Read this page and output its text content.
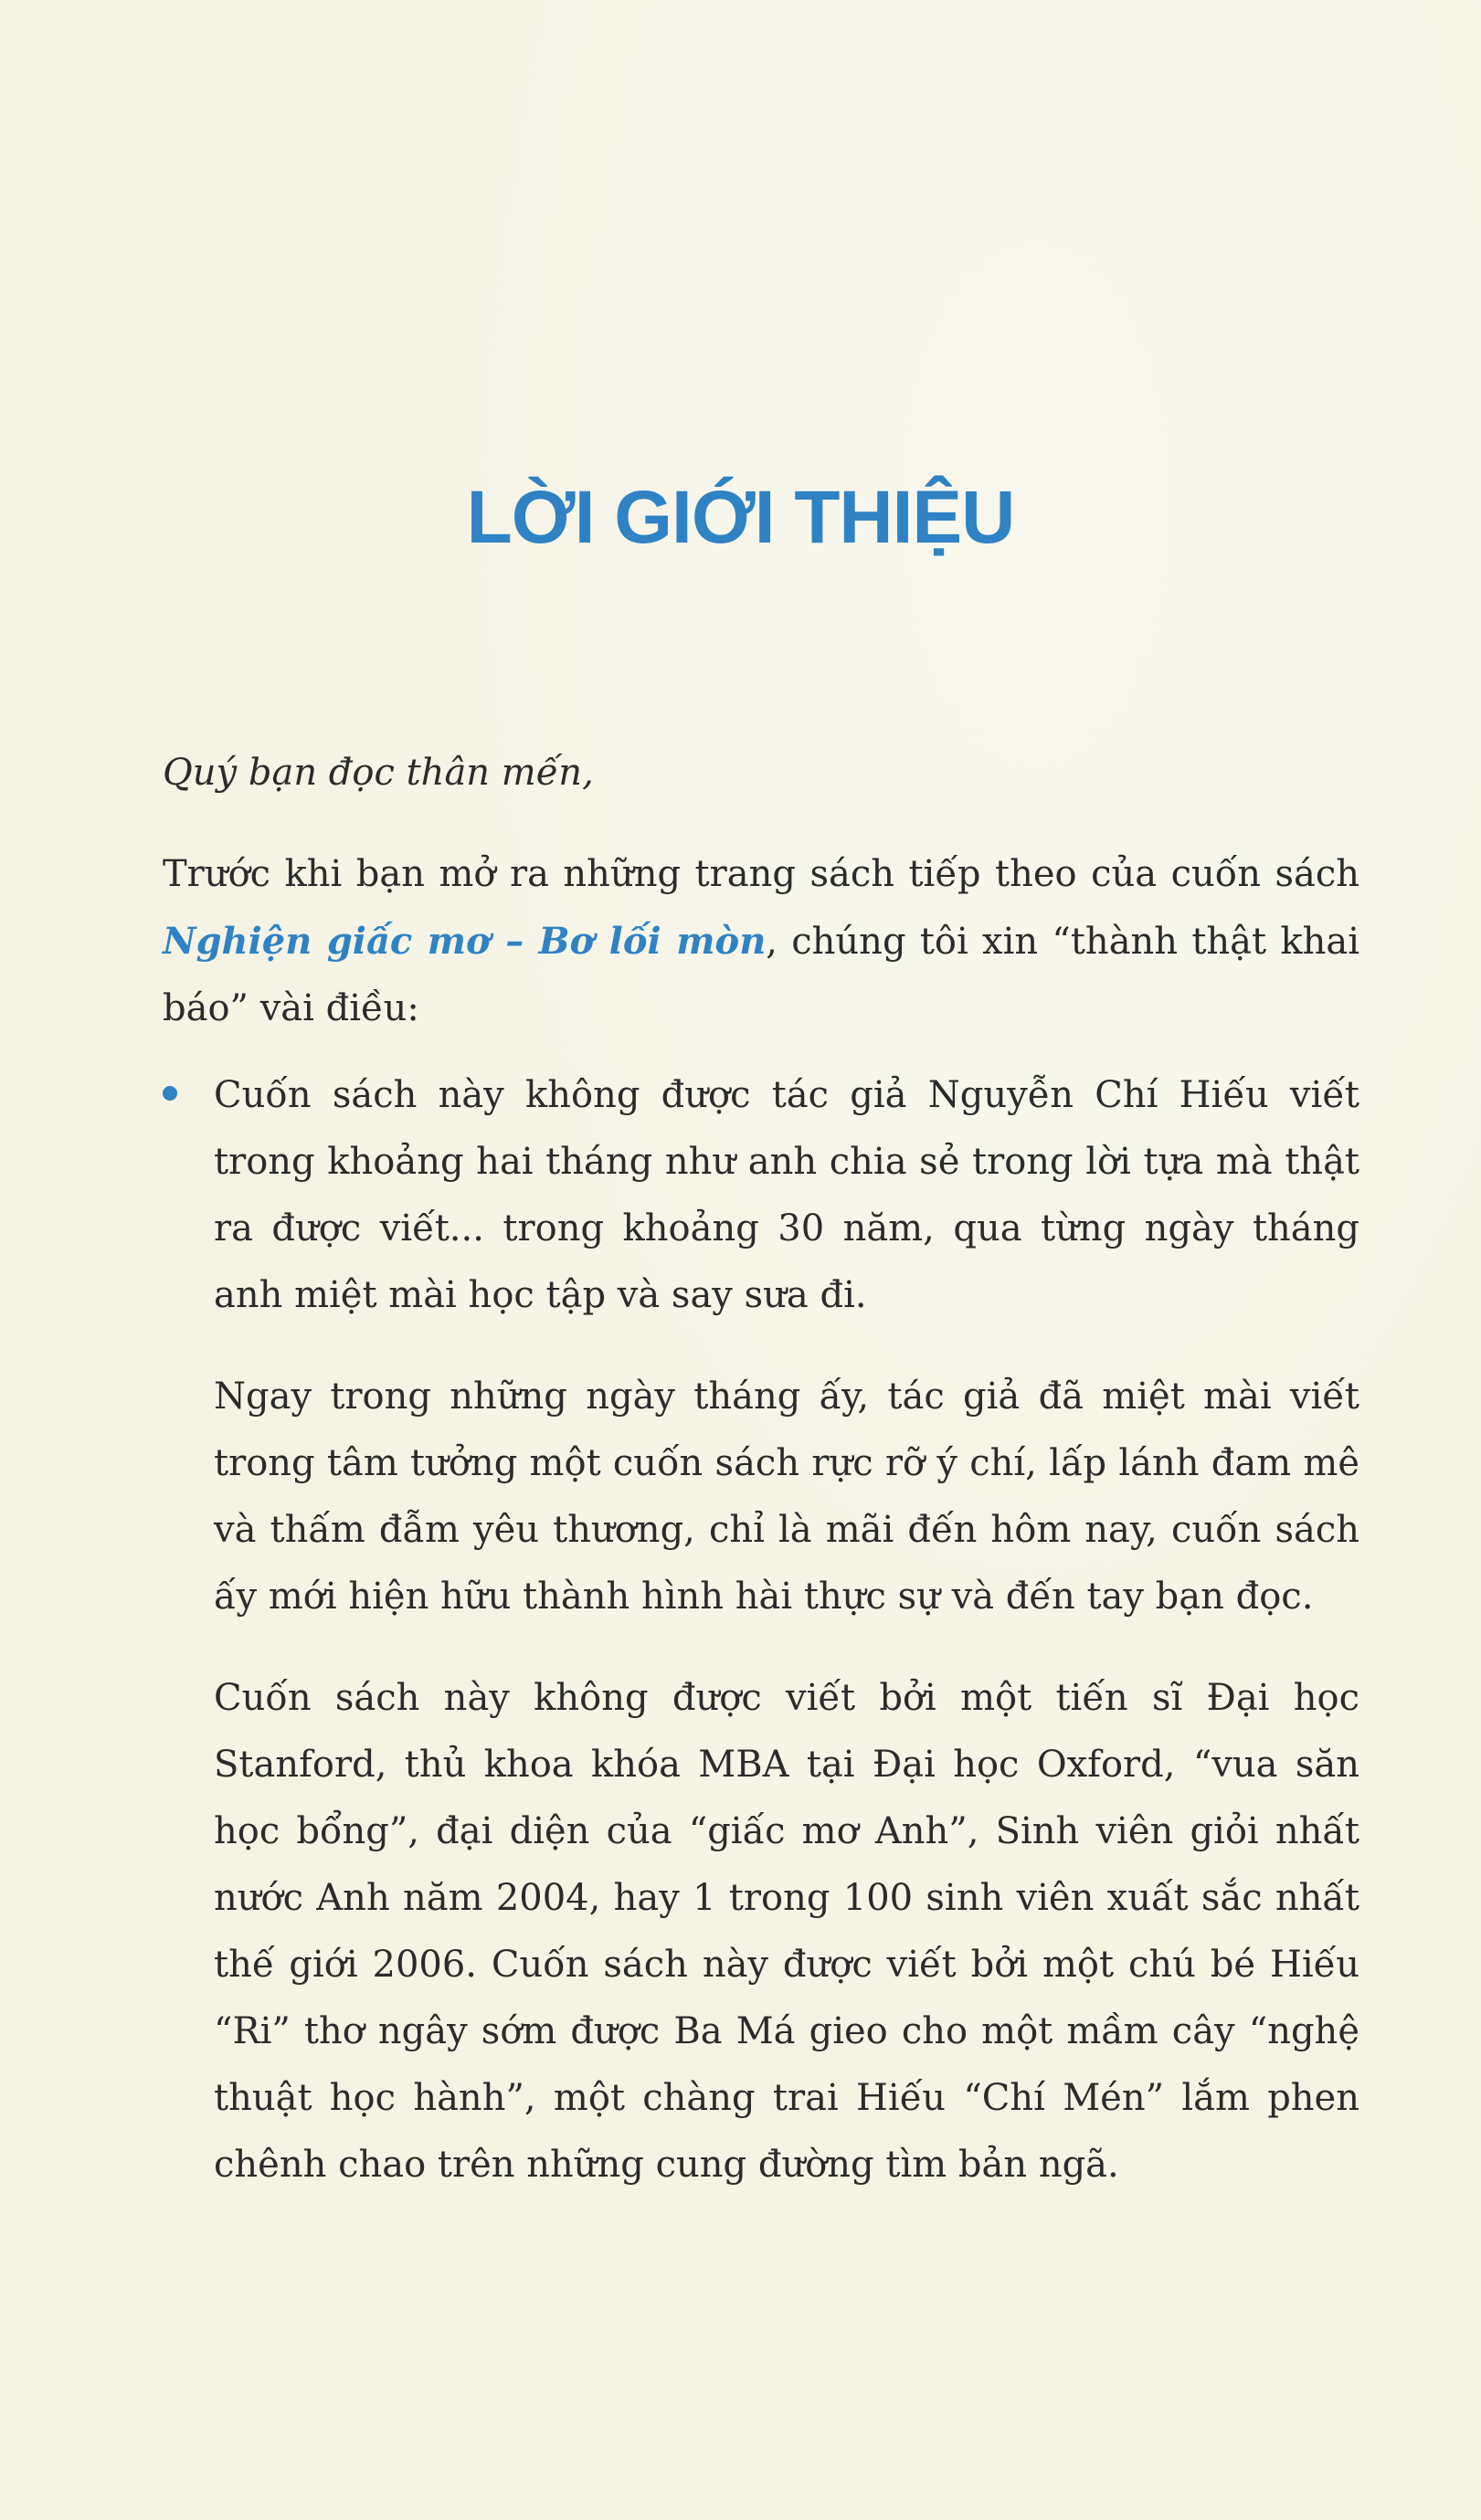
LỜI GIỚI THIỆU

Quý bạn đọc thân mến,

Trước khi bạn mở ra những trang sách tiếp theo của cuốn sách Nghiện giấc mơ – Bơ lối mòn, chúng tôi xin “thành thật khai báo” vài điều:

Cuốn sách này không được tác giả Nguyễn Chí Hiếu viết trong khoảng hai tháng như anh chia sẻ trong lời tựa mà thật ra được viết... trong khoảng 30 năm, qua từng ngày tháng anh miệt mài học tập và say sưa đi.

Ngay trong những ngày tháng ấy, tác giả đã miệt mài viết trong tâm tưởng một cuốn sách rực rỡ ý chí, lấp lánh đam mê và thấm đẫm yêu thương, chỉ là mãi đến hôm nay, cuốn sách ấy mới hiện hữu thành hình hài thực sự và đến tay bạn đọc.

Cuốn sách này không được viết bởi một tiến sĩ Đại học Stanford, thủ khoa khóa MBA tại Đại học Oxford, “vua săn học bổng”, đại diện của “giấc mơ Anh”, Sinh viên giỏi nhất nước Anh năm 2004, hay 1 trong 100 sinh viên xuất sắc nhất thế giới 2006. Cuốn sách này được viết bởi một chú bé Hiếu “Ri” thơ ngây sớm được Ba Má gieo cho một mầm cây “nghệ thuật học hành”, một chàng trai Hiếu “Chí Mén” lắm phen chênh chao trên những cung đường tìm bản ngã.
